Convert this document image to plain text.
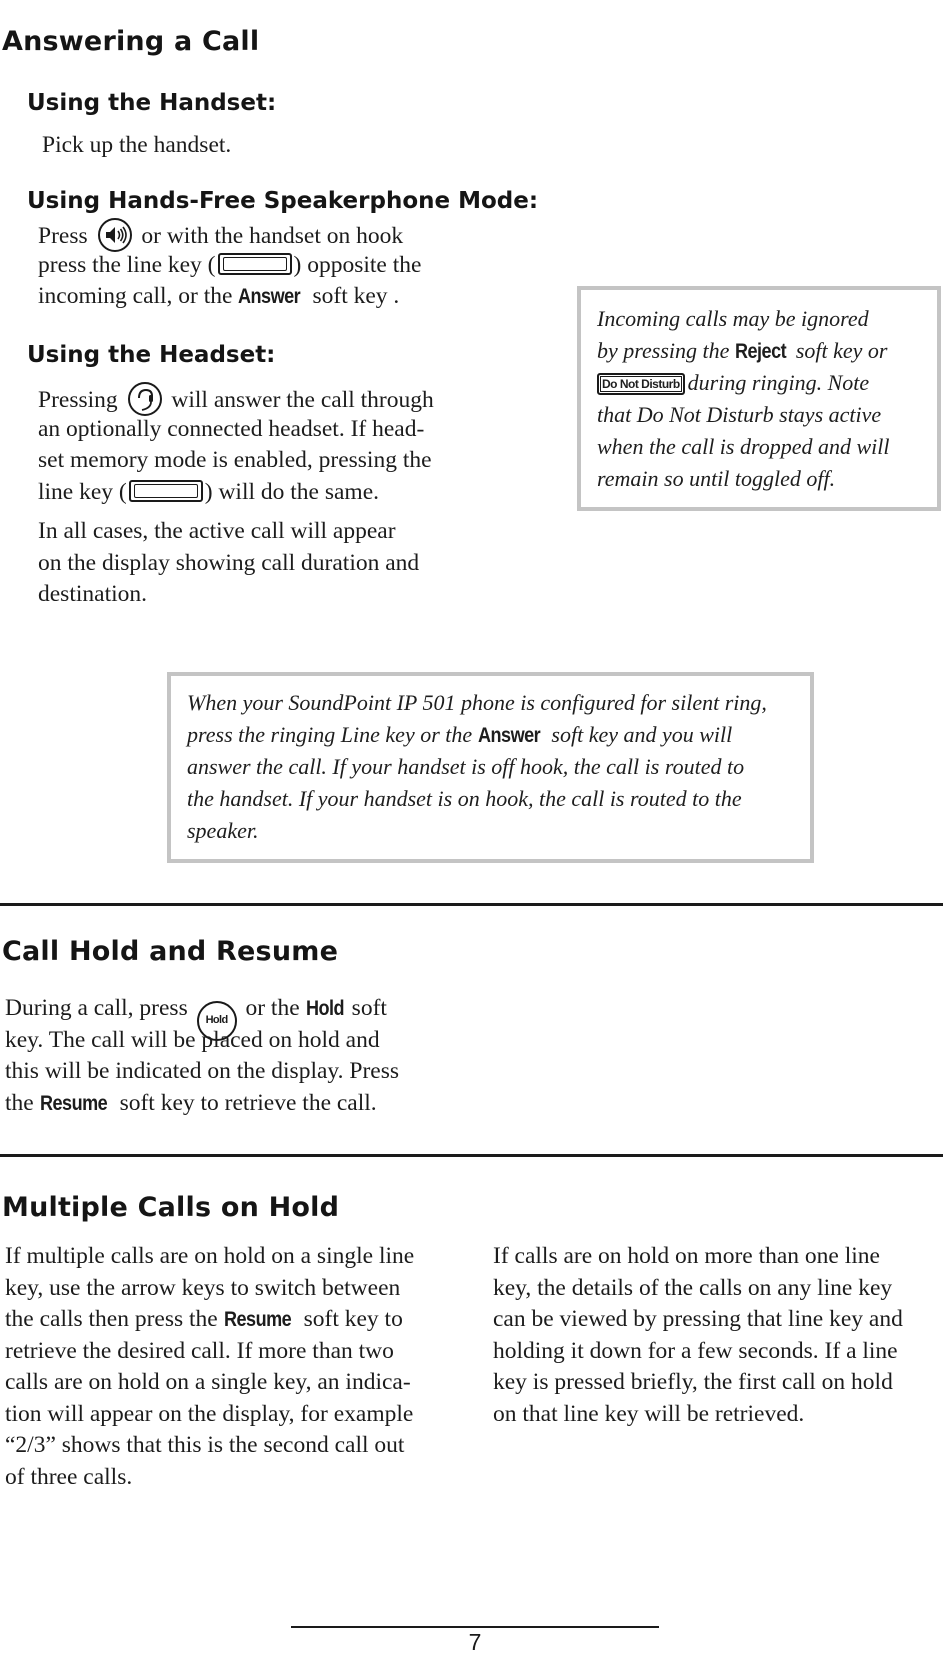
Answering a Call
Using the Handset:
Pick up the handset.
Using Hands-Free Speakerphone Mode:
Press or with the handset on hook
press the line key (	) opposite the
incoming call, or the Answer soft key .
Using the Headset:
Pressing will answer the call through
an optionally connected headset. If head-
set memory mode is enabled, pressing the
line key (	) will do the same.
In all cases, the active call will appear
on the display showing call duration and
destination.
Incoming calls may be ignored
by pressing the Reject soft key or
Do Not Disturb during ringing. Note
that Do Not Disturb stays active
when the call is dropped and will
remain so until toggled off.
When your SoundPoint IP 501 phone is configured for silent ring,
press the ringing Line key or the Answer soft key and you will
answer the call. If your handset is off hook, the call is routed to
the handset. If your handset is on hook, the call is routed to the
speaker.
Call Hold and Resume
During a call, press Hold or the Hold soft
key. The call will be placed on hold and
this will be indicated on the display. Press
the Resume soft key to retrieve the call.
Multiple Calls on Hold
If multiple calls are on hold on a single line
key, use the arrow keys to switch between
the calls then press the Resume soft key to
retrieve the desired call. If more than two
calls are on hold on a single key, an indica-
tion will appear on the display, for example
“2/3” shows that this is the second call out
of three calls.
If calls are on hold on more than one line
key, the details of the calls on any line key
can be viewed by pressing that line key and
holding it down for a few seconds. If a line
key is pressed briefly, the first call on hold
on that line key will be retrieved.
7
